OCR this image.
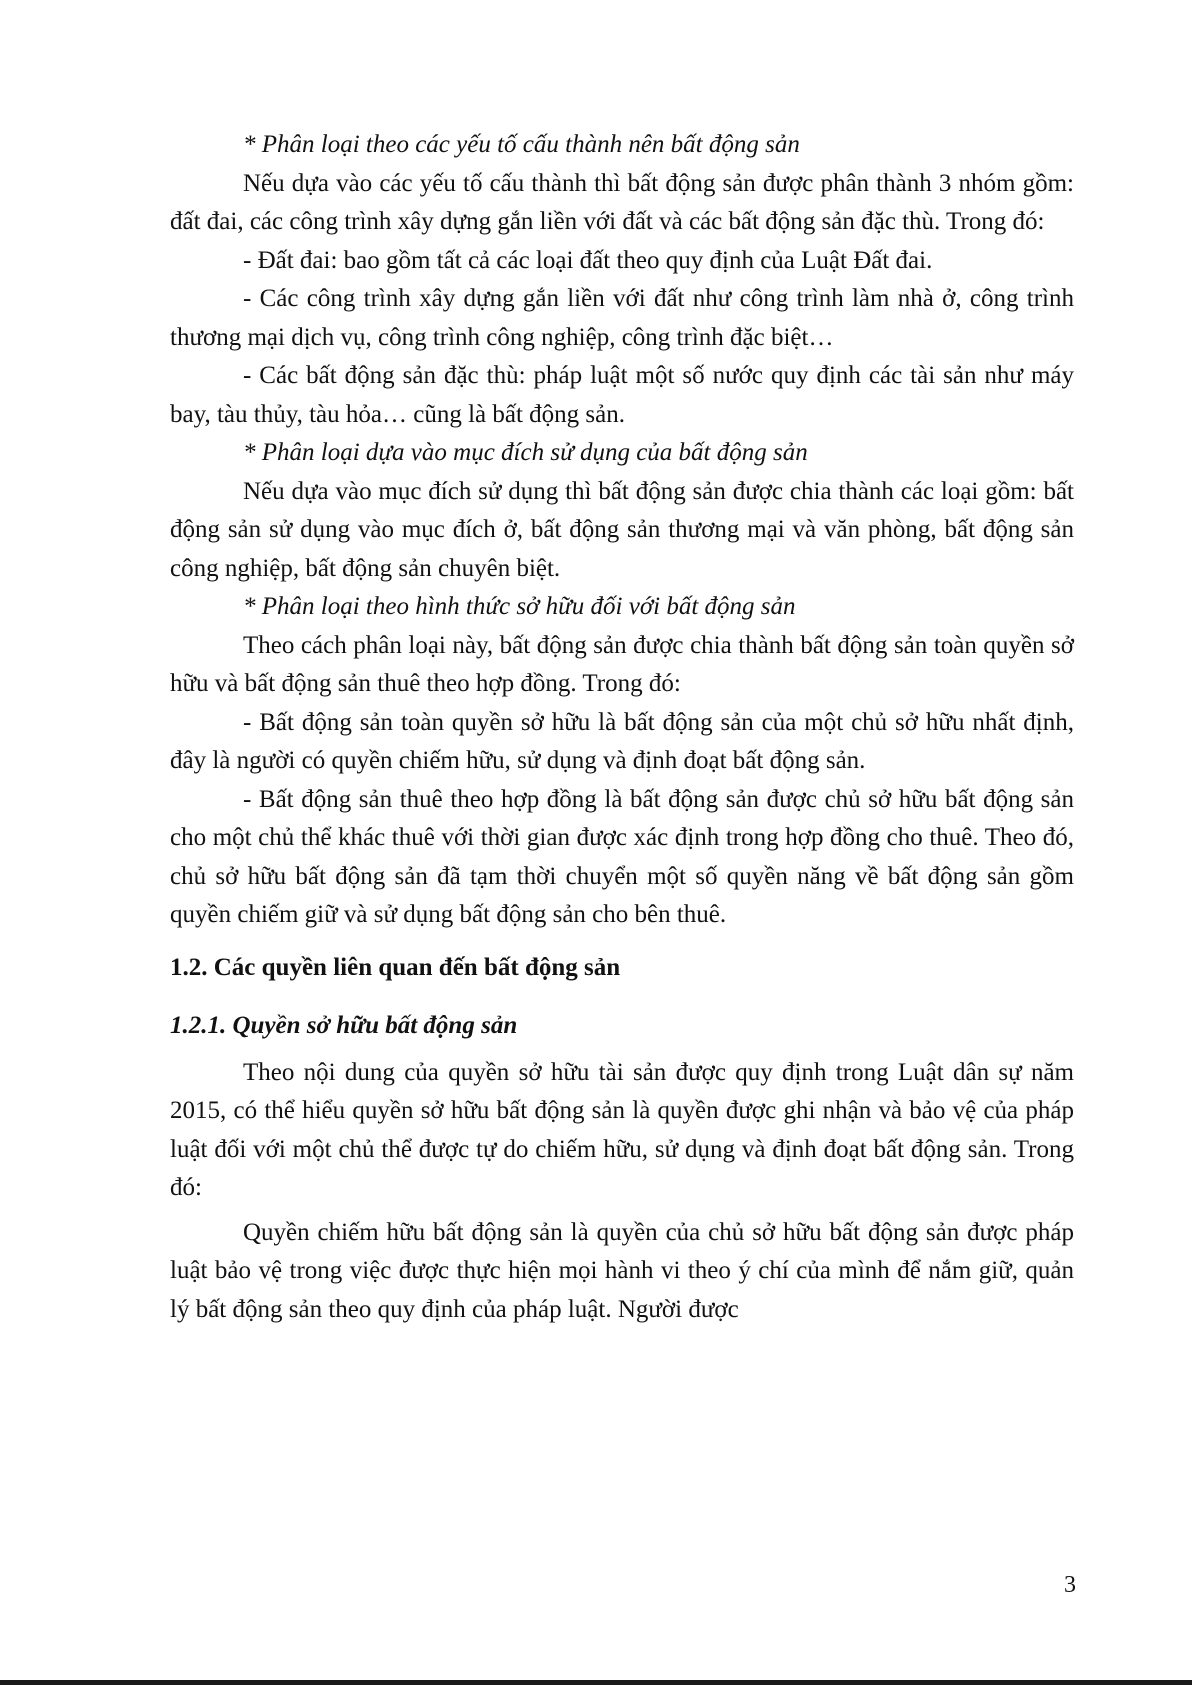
* Phân loại theo các yếu tố cấu thành nên bất động sản

Nếu dựa vào các yếu tố cấu thành thì bất động sản được phân thành 3 nhóm gồm: đất đai, các công trình xây dựng gắn liền với đất và các bất động sản đặc thù. Trong đó:

- Đất đai: bao gồm tất cả các loại đất theo quy định của Luật Đất đai.

- Các công trình xây dựng gắn liền với đất như công trình làm nhà ở, công trình thương mại dịch vụ, công trình công nghiệp, công trình đặc biệt…

- Các bất động sản đặc thù: pháp luật một số nước quy định các tài sản như máy bay, tàu thủy, tàu hỏa… cũng là bất động sản.

* Phân loại dựa vào mục đích sử dụng của bất động sản

Nếu dựa vào mục đích sử dụng thì bất động sản được chia thành các loại gồm: bất động sản sử dụng vào mục đích ở, bất động sản thương mại và văn phòng, bất động sản công nghiệp, bất động sản chuyên biệt.

* Phân loại theo hình thức sở hữu đối với bất động sản

Theo cách phân loại này, bất động sản được chia thành bất động sản toàn quyền sở hữu và bất động sản thuê theo hợp đồng. Trong đó:

- Bất động sản toàn quyền sở hữu là bất động sản của một chủ sở hữu nhất định, đây là người có quyền chiếm hữu, sử dụng và định đoạt bất động sản.

- Bất động sản thuê theo hợp đồng là bất động sản được chủ sở hữu bất động sản cho một chủ thể khác thuê với thời gian được xác định trong hợp đồng cho thuê. Theo đó, chủ sở hữu bất động sản đã tạm thời chuyển một số quyền năng về bất động sản gồm quyền chiếm giữ và sử dụng bất động sản cho bên thuê.

1.2. Các quyền liên quan đến bất động sản

1.2.1. Quyền sở hữu bất động sản

Theo nội dung của quyền sở hữu tài sản được quy định trong Luật dân sự năm 2015, có thể hiểu quyền sở hữu bất động sản là quyền được ghi nhận và bảo vệ của pháp luật đối với một chủ thể được tự do chiếm hữu, sử dụng và định đoạt bất động sản. Trong đó:

Quyền chiếm hữu bất động sản là quyền của chủ sở hữu bất động sản được pháp luật bảo vệ trong việc được thực hiện mọi hành vi theo ý chí của mình để nắm giữ, quản lý bất động sản theo quy định của pháp luật. Người được

3
